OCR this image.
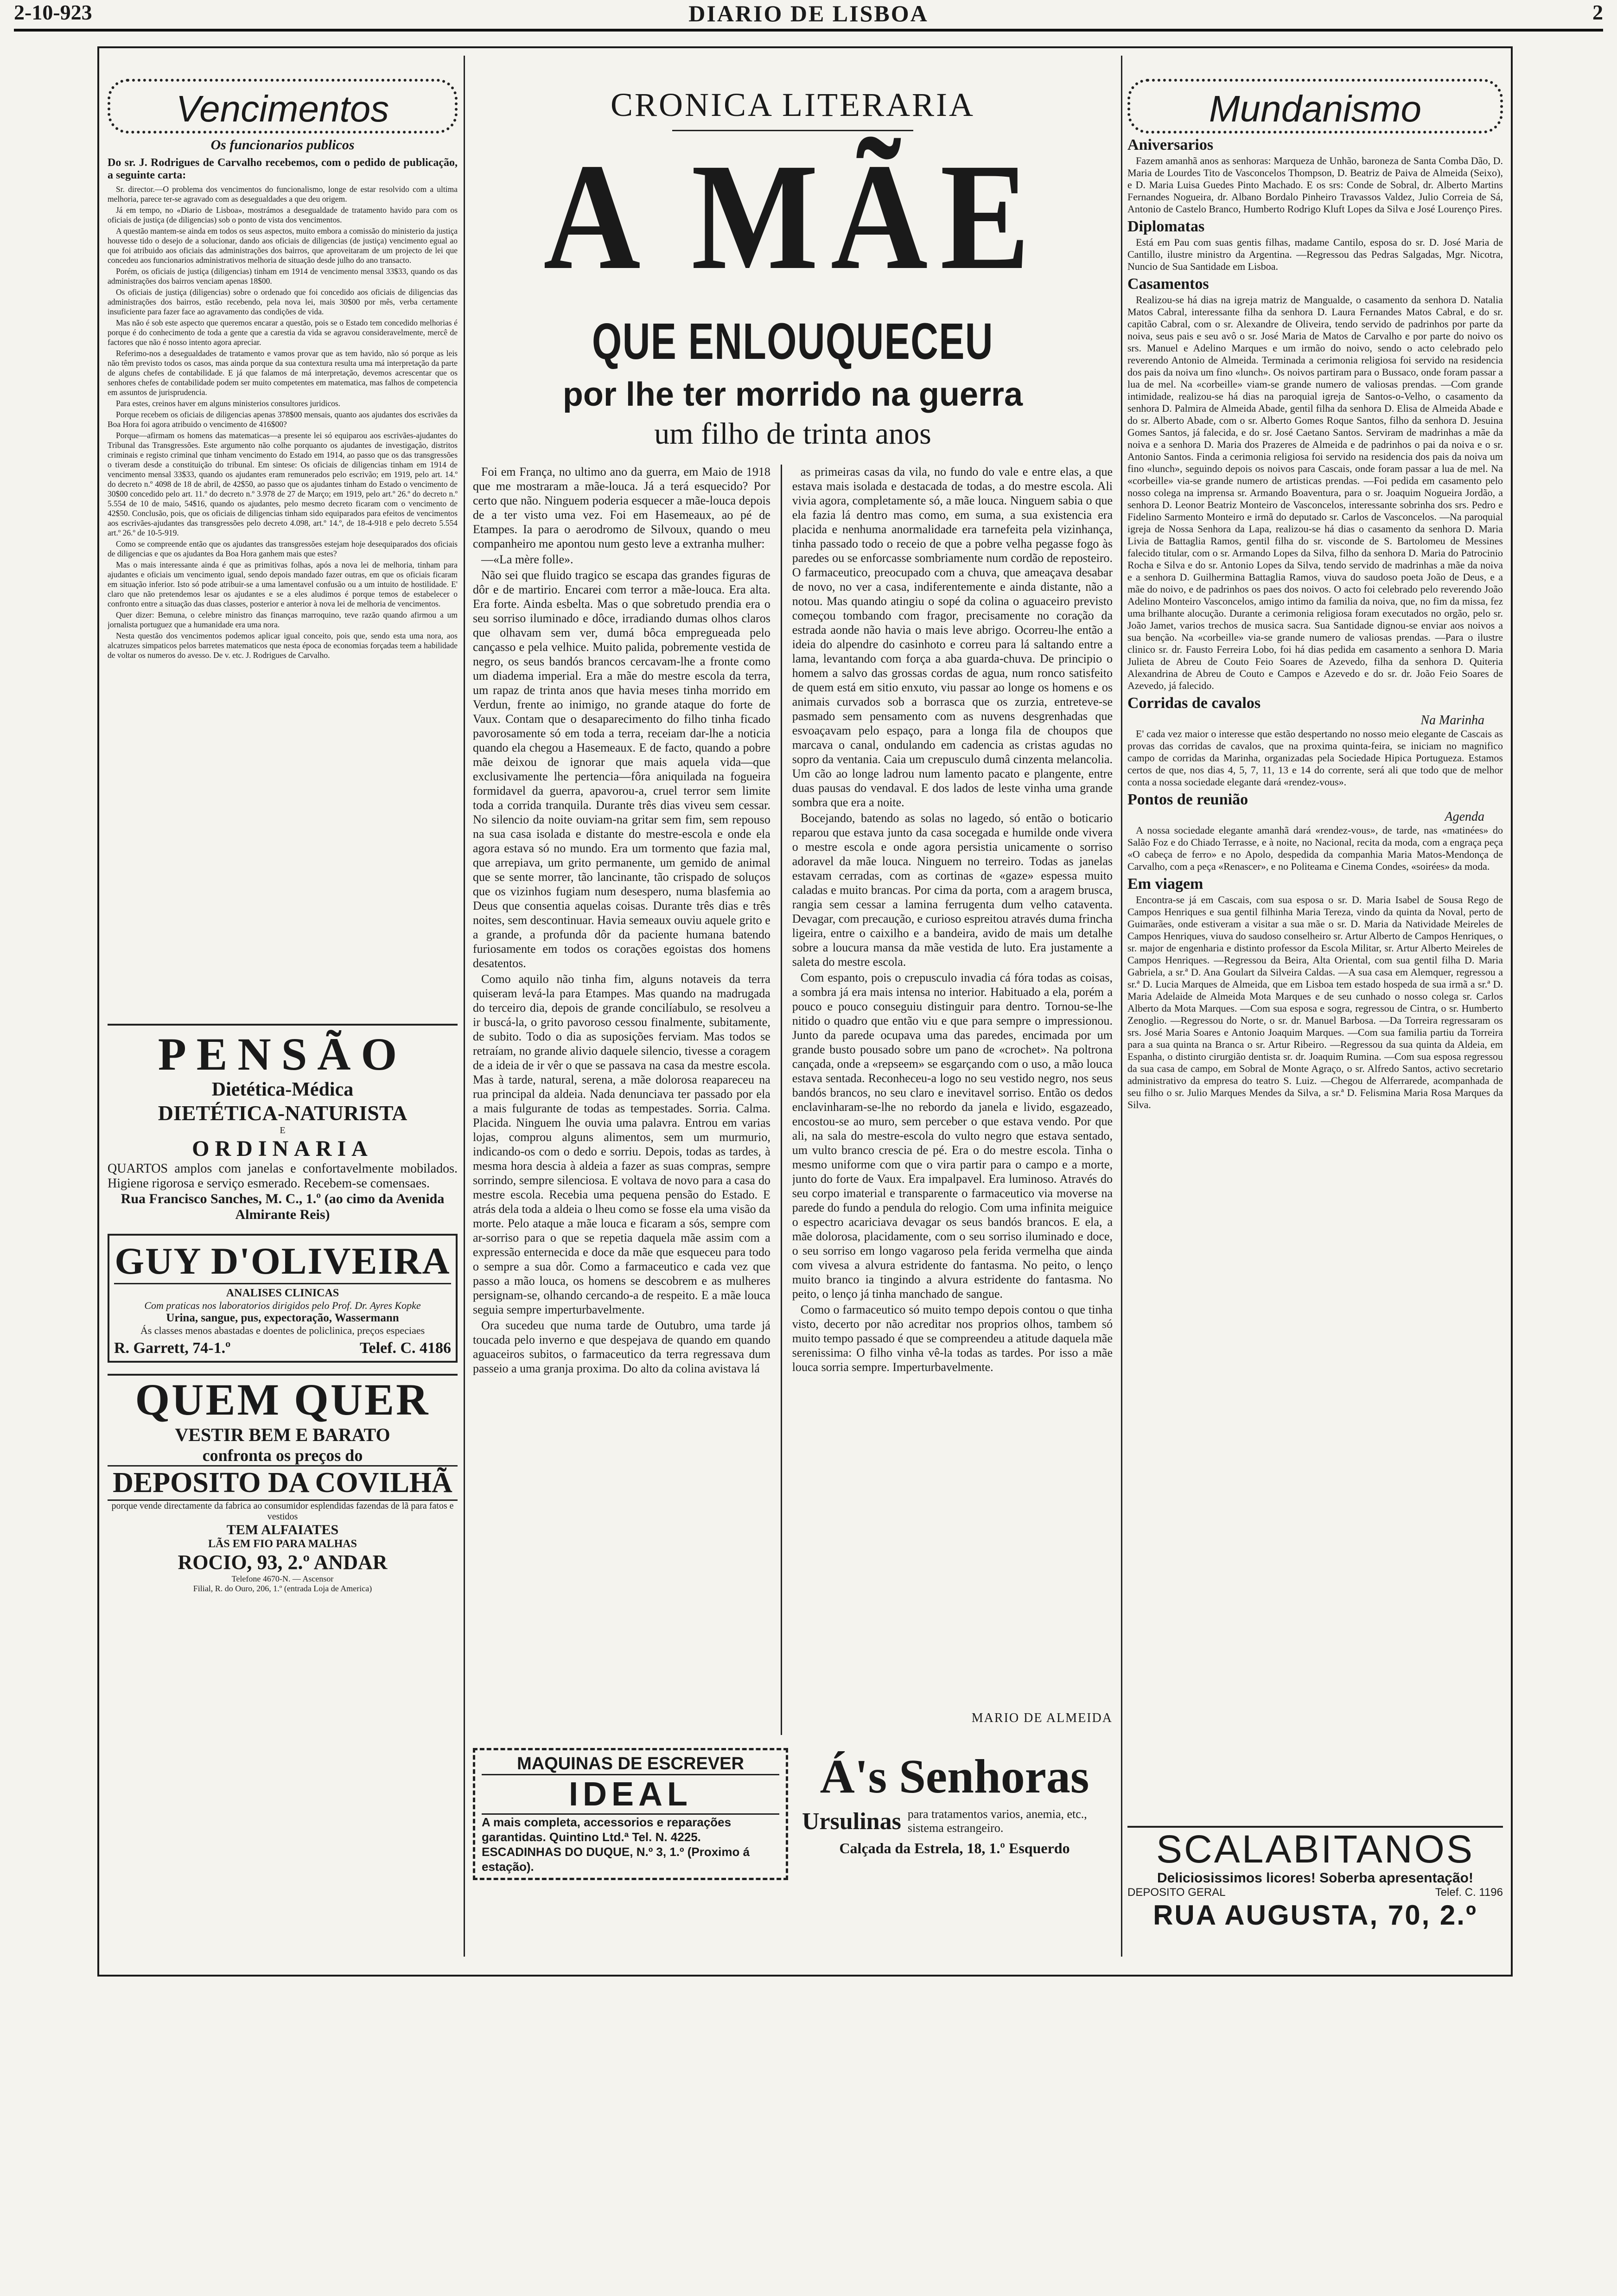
2-10-923	DIARIO DE LISBOA	2
Vencimentos
Os funcionarios publicos
Do sr. J. Rodrigues de Carvalho recebemos, com o pedido de publicação, a seguinte carta:

Sr. director.—O problema dos vencimentos do funcionalismo, longe de estar resolvido com a ultima melhoria, parece ter-se agravado com as desegualdades a que deu origem.

Já em tempo, no «Diario de Lisboa», mostrámos a desegualdade de tratamento havido para com os oficiais de justiça (de diligencias) sob o ponto de vista dos vencimentos.

A questão mantem-se ainda em todos os seus aspectos, muito embora a comissão do ministerio da justiça houvesse tido o desejo de a solucionar, dando aos oficiais de diligencias (de justiça) vencimento egual ao que foi atribuido aos oficiais das administrações dos bairros, que aproveitaram de um projecto de lei que concedeu aos funcionarios administrativos melhoria de situação desde julho do ano transacto.

Porém, os oficiais de justiça (diligencias) tinham em 1914 de vencimento mensal 33$33, quando os das administrações dos bairros venciam apenas 18$00.

Os oficiais de justiça (diligencias) sobre o ordenado que foi concedido aos oficiais de diligencias das administrações dos bairros, estão recebendo, pela nova lei, mais 30$00 por mês, verba certamente insuficiente para fazer face ao agravamento das condições de vida.

Mas não é sob este aspecto que queremos encarar a questão, pois se o Estado tem concedido melhorias é porque é do conhecimento de toda a gente que a carestia da vida se agravou consideravelmente, mercê de factores que não é nosso intento agora apreciar.

Referimo-nos a desegualdades de tratamento e vamos provar que as tem havido, não só porque as leis não têm previsto todos os casos, mas ainda porque da sua contextura resulta uma má interpretação da parte de alguns chefes de contabilidade. E já que falamos de má interpretação, devemos acrescentar que os senhores chefes de contabilidade podem ser muito competentes em matematica, mas falhos de competencia em assuntos de jurisprudencia.

Para estes, creinos haver em alguns ministerios consultores juridicos.

Porque recebem os oficiais de diligencias apenas 378$00 mensais, quanto aos ajudantes dos escrivães da Boa Hora foi agora atribuido o vencimento de 416$00?

Porque—afirmam os homens das matematicas—a presente lei só equiparou aos escrivães-ajudantes do Tribunal das Transgressões. Este argumento não colhe porquanto os ajudantes de investigação, distritos criminais e registo criminal que tinham vencimento do Estado em 1914, ao passo que os das transgressões o tiveram desde a constituição do tribunal. Em sintese: Os oficiais de diligencias tinham em 1914 de vencimento mensal 33$33, quando os ajudantes eram remunerados pelo escrivão; em 1919, pelo art. 14.º do decreto n.º 4098 de 18 de abril, de 42$50, ao passo que os ajudantes tinham do Estado o vencimento de 30$00 concedido pelo art. 11.º do decreto n.º 3.978 de 27 de Março; em 1919, pelo art.º 26.º do decreto n.º 5.554 de 10 de maio, 54$16, quando os ajudantes, pelo mesmo decreto ficaram com o vencimento de 42$50. Conclusão, pois, que os oficiais de diligencias tinham sido equiparados para efeitos de vencimentos aos escrivães-ajudantes das transgressões pelo decreto 4.098, art.º 14.º, de 18-4-918 e pelo decreto 5.554 art.º 26.º de 10-5-919.

Como se compreende então que os ajudantes das transgressões estejam hoje desequiparados dos oficiais de diligencias e que os ajudantes da Boa Hora ganhem mais que estes?

Mas o mais interessante ainda é que as primitivas folhas, após a nova lei de melhoria, tinham para ajudantes e oficiais um vencimento igual, sendo depois mandado fazer outras, em que os oficiais ficaram em situação inferior. Isto só pode atribuir-se a uma lamentavel confusão ou a um intuito de hostilidade. E' claro que não pretendemos lesar os ajudantes e se a eles aludimos é porque temos de estabelecer o confronto entre a situação das duas classes, posterior e anterior à nova lei de melhoria de vencimentos.

Quer dizer: Bemuna, o celebre ministro das finanças marroquino, teve razão quando afirmou a um jornalista portuguez que a humanidade era uma nora.

Nesta questão dos vencimentos podemos aplicar igual conceito, pois que, sendo esta uma nora, aos alcatruzes simpaticos pelos barretes matematicos que nesta época de economias forçadas teem a habilidade de voltar os numeros do avesso. De v. etc. J. Rodrigues de Carvalho.

PENSÃO
Dietética-Médica
DIETÉTICA-NATURISTA
E
ORDINARIA
QUARTOS amplos com janelas e confortavelmente mobilados. Higiene rigorosa e serviço esmerado. Recebem-se comensaes.
Rua Francisco Sanches, M. C., 1.º (ao cimo da Avenida Almirante Reis)
GUY D'OLIVEIRA
ANALISES CLINICAS
Com praticas nos laboratorios dirigidos pelo Prof. Dr. Ayres Kopke
Urina, sangue, pus, expectoração, Wassermann
Ás classes menos abastadas e doentes de policlinica, preços especiaes
R. Garrett, 74-1.º	Telef. C. 4186
QUEM QUER
VESTIR BEM E BARATO
confronta os preços do
DEPOSITO DA COVILHÃ
porque vende directamente da fabrica ao consumidor esplendidas fazendas de lã para fatos e vestidos
TEM ALFAIATES
LÃS EM FIO PARA MALHAS
ROCIO, 93, 2.º ANDAR
Telefone 4670-N. — Ascensor
Filial, R. do Ouro, 206, 1.º (entrada Loja de America)
CRONICA LITERARIA
A MÃE
QUE ENLOUQUECEU
por lhe ter morrido na guerra
um filho de trinta anos

Foi em França, no ultimo ano da guerra, em Maio de 1918 que me mostraram a mãe-louca. Já a terá esquecido? Por certo que não. Ninguem poderia esquecer a mãe-louca depois de a ter visto uma vez. Foi em Hasemeaux, ao pé de Etampes. Ia para o aerodromo de Silvoux, quando o meu companheiro me apontou num gesto leve a extranha mulher:

—«La mère folle».

Não sei que fluido tragico se escapa das grandes figuras de dôr e de martirio. Encarei com terror a mãe-louca. Era alta. Era forte. Ainda esbelta. Mas o que sobretudo prendia era o seu sorriso iluminado e dôce, irradiando dumas olhos claros que olhavam sem ver, dumá bôca empregueada pelo cançasso e pela velhice. Muito palida, pobremente vestida de negro, os seus bandós brancos cercavam-lhe a fronte como um diadema imperial. Era a mãe do mestre escola da terra, um rapaz de trinta anos que havia meses tinha morrido em Verdun, frente ao inimigo, no grande ataque do forte de Vaux. Contam que o desaparecimento do filho tinha ficado pavorosamente só em toda a terra, receiam dar-lhe a noticia quando ela chegou a Hasemeaux. E de facto, quando a pobre mãe deixou de ignorar que mais aquela vida—que exclusivamente lhe pertencia—fôra aniquilada na fogueira formidavel da guerra, apavorou-a, cruel terror sem limite toda a corrida tranquila. Durante três dias viveu sem cessar. No silencio da noite ouviam-na gritar sem fim, sem repouso na sua casa isolada e distante do mestre-escola e onde ela agora estava só no mundo. Era um tormento que fazia mal, que arrepiava, um grito permanente, um gemido de animal que se sente morrer, tão lancinante, tão crispado de soluços que os vizinhos fugiam num desespero, numa blasfemia ao Deus que consentia aquelas coisas. Durante três dias e três noites, sem descontinuar. Havia semeaux ouviu aquele grito e a grande, a profunda dôr da paciente humana batendo furiosamente em todos os corações egoistas dos homens desatentos.

Como aquilo não tinha fim, alguns notaveis da terra quiseram levá-la para Etampes. Mas quando na madrugada do terceiro dia, depois de grande concilíabulo, se resolveu a ir buscá-la, o grito pavoroso cessou finalmente, subitamente, de subito. Todo o dia as suposições ferviam. Mas todos se retraíam, no grande alivio daquele silencio, tivesse a coragem de a ideia de ir vêr o que se passava na casa da mestre escola. Mas à tarde, natural, serena, a mãe dolorosa reapareceu na rua principal da aldeia. Nada denunciava ter passado por ela a mais fulgurante de todas as tempestades. Sorria. Calma. Placida. Ninguem lhe ouvia uma palavra. Entrou em varias lojas, comprou alguns alimentos, sem um murmurio, indicando-os com o dedo e sorriu. Depois, todas as tardes, à mesma hora descia à aldeia a fazer as suas compras, sempre sorrindo, sempre silenciosa. E voltava de novo para a casa do mestre escola. Recebia uma pequena pensão do Estado. E atrás dela toda a aldeia o lheu como se fosse ela uma visão da morte. Pelo ataque a mãe louca e ficaram a sós, sempre com ar-sorriso para o que se repetia daquela mãe assim com a expressão enternecida e doce da mãe que esqueceu para todo o sempre a sua dôr. Como a farmaceutico e cada vez que passo a mão louca, os homens se descobrem e as mulheres persignam-se, olhando cercando-a de respeito. E a mãe louca seguia sempre imperturbavelmente.

Ora sucedeu que numa tarde de Outubro, uma tarde já toucada pelo inverno e que despejava de quando em quando aguaceiros subitos, o farmaceutico da terra regressava dum passeio a uma granja proxima. Do alto da colina avistava lá

as primeiras casas da vila, no fundo do vale e entre elas, a que estava mais isolada e destacada de todas, a do mestre escola. Ali vivia agora, completamente só, a mãe louca. Ninguem sabia o que ela fazia lá dentro mas como, em suma, a sua existencia era placida e nenhuma anormalidade era tarnefeita pela vizinhança, tinha passado todo o receio de que a pobre velha pegasse fogo às paredes ou se enforcasse sombriamente num cordão de reposteiro. O farmaceutico, preocupado com a chuva, que ameaçava desabar de novo, no ver a casa, indiferentemente e ainda distante, não a notou. Mas quando atingiu o sopé da colina o aguaceiro previsto começou tombando com fragor, precisamente no coração da estrada aonde não havia o mais leve abrigo. Ocorreu-lhe então a ideia do alpendre do casinhoto e correu para lá saltando entre a lama, levantando com força a aba guarda-chuva. De principio o homem a salvo das grossas cordas de agua, num ronco satisfeito de quem está em sitio enxuto, viu passar ao longe os homens e os animais curvados sob a borrasca que os zurzia, entreteve-se pasmado sem pensamento com as nuvens desgrenhadas que esvoaçavam pelo espaço, para a longa fila de choupos que marcava o canal, ondulando em cadencia as cristas agudas no sopro da ventania. Caia um crepusculo dumâ cinzenta melancolia. Um cão ao longe ladrou num lamento pacato e plangente, entre duas pausas do vendaval. E dos lados de leste vinha uma grande sombra que era a noite.

Bocejando, batendo as solas no lagedo, só então o boticario reparou que estava junto da casa socegada e humilde onde vivera o mestre escola e onde agora persistia unicamente o sorriso adoravel da mãe louca. Ninguem no terreiro. Todas as janelas estavam cerradas, com as cortinas de «gaze» espessa muito caladas e muito brancas. Por cima da porta, com a aragem brusca, rangia sem cessar a lamina ferrugenta dum velho cataventa. Devagar, com precaução, e curioso espreitou através duma frincha ligeira, entre o caixilho e a bandeira, avido de mais um detalhe sobre a loucura mansa da mãe vestida de luto. Era justamente a saleta do mestre escola.

Com espanto, pois o crepusculo invadia cá fóra todas as coisas, a sombra já era mais intensa no interior. Habituado a ela, porém a pouco e pouco conseguiu distinguir para dentro. Tornou-se-lhe nitido o quadro que então viu e que para sempre o impressionou. Junto da parede ocupava uma das paredes, encimada por um grande busto pousado sobre um pano de «crochet». Na poltrona cançada, onde a «repseem» se esgarçando com o uso, a mão louca estava sentada. Reconheceu-a logo no seu vestido negro, nos seus bandós brancos, no seu claro e inevitavel sorriso. Então os dedos enclavinharam-se-lhe no rebordo da janela e livido, esgazeado, encostou-se ao muro, sem perceber o que estava vendo. Por que ali, na sala do mestre-escola do vulto negro que estava sentado, um vulto branco crescia de pé. Era o do mestre escola. Tinha o mesmo uniforme com que o vira partir para o campo e a morte, junto do forte de Vaux. Era impalpavel. Era luminoso. Através do seu corpo imaterial e transparente o farmaceutico via moverse na parede do fundo a pendula do relogio. Com uma infinita meiguice o espectro acariciava devagar os seus bandós brancos. E ela, a mãe dolorosa, placidamente, com o seu sorriso iluminado e doce, o seu sorriso em longo vagaroso pela ferida vermelha que ainda com vivesa a alvura estridente do fantasma. No peito, o lenço muito branco ia tingindo a alvura estridente do fantasma. No peito, o lenço já tinha manchado de sangue.

Como o farmaceutico só muito tempo depois contou o que tinha visto, decerto por não acreditar nos proprios olhos, tambem só muito tempo passado é que se compreendeu a atitude daquela mãe serenissima: O filho vinha vê-la todas as tardes. Por isso a mãe louca sorria sempre. Imperturbavelmente.

MARIO DE ALMEIDA
MAQUINAS DE ESCREVER
IDEAL
A mais completa, accessorios e reparações garantidas. Quintino Ltd.ª Tel. N. 4225. ESCADINHAS DO DUQUE, N.º 3, 1.º (Proximo á estação).
Á's Senhoras
Ursulinas para tratamentos varios, anemia, etc., sistema estrangeiro.
Calçada da Estrela, 18, 1.º Esquerdo
Mundanismo
Aniversarios
Fazem amanhã anos as senhoras: Marqueza de Unhão, baroneza de Santa Comba Dão, D. Maria de Lourdes Tito de Vasconcelos Thompson, D. Beatriz de Paiva de Almeida (Seixo), e D. Maria Luisa Guedes Pinto Machado. E os srs: Conde de Sobral, dr. Alberto Martins Fernandes Nogueira, dr. Albano Bordalo Pinheiro Travassos Valdez, Julio Correia de Sá, Antonio de Castelo Branco, Humberto Rodrigo Kluft Lopes da Silva e José Lourenço Pires.
Diplomatas
Está em Pau com suas gentis filhas, madame Cantilo, esposa do sr. D. José Maria de Cantillo, ilustre ministro da Argentina. —Regressou das Pedras Salgadas, Mgr. Nicotra, Nuncio de Sua Santidade em Lisboa.
Casamentos
Realizou-se há dias na igreja matriz de Mangualde, o casamento da senhora D. Natalia Matos Cabral, interessante filha da senhora D. Laura Fernandes Matos Cabral, e do sr. capitão Cabral, com o sr. Alexandre de Oliveira, tendo servido de padrinhos por parte da noiva, seus pais e seu avô o sr. José Maria de Matos de Carvalho e por parte do noivo os srs. Manuel e Adelino Marques e um irmão do noivo, sendo o acto celebrado pelo reverendo Antonio de Almeida. Terminada a cerimonia religiosa foi servido na residencia dos pais da noiva um fino «lunch». Os noivos partiram para o Bussaco, onde foram passar a lua de mel. Na «corbeille» viam-se grande numero de valiosas prendas. —Com grande intimidade, realizou-se há dias na paroquial igreja de Santos-o-Velho, o casamento da senhora D. Palmira de Almeida Abade, gentil filha da senhora D. Elisa de Almeida Abade e do sr. Alberto Abade, com o sr. Alberto Gomes Roque Santos, filho da senhora D. Jesuina Gomes Santos, já falecida, e do sr. José Caetano Santos. Serviram de madrinhas a mãe da noiva e a senhora D. Maria dos Prazeres de Almeida e de padrinhos o pai da noiva e o sr. Antonio Santos. Finda a cerimonia religiosa foi servido na residencia dos pais da noiva um fino «lunch», seguindo depois os noivos para Cascais, onde foram passar a lua de mel. Na «corbeille» via-se grande numero de artisticas prendas. —Foi pedida em casamento pelo nosso colega na imprensa sr. Armando Boaventura, para o sr. Joaquim Nogueira Jordão, a senhora D. Leonor Beatriz Monteiro de Vasconcelos, interessante sobrinha dos srs. Pedro e Fidelino Sarmento Monteiro e irmã do deputado sr. Carlos de Vasconcelos. —Na paroquial igreja de Nossa Senhora da Lapa, realizou-se há dias o casamento da senhora D. Maria Livia de Battaglia Ramos, gentil filha do sr. visconde de S. Bartolomeu de Messines falecido titular, com o sr. Armando Lopes da Silva, filho da senhora D. Maria do Patrocinio Rocha e Silva e do sr. Antonio Lopes da Silva, tendo servido de madrinhas a mãe da noiva e a senhora D. Guilhermina Battaglia Ramos, viuva do saudoso poeta João de Deus, e a mãe do noivo, e de padrinhos os paes dos noivos. O acto foi celebrado pelo reverendo João Adelino Monteiro Vasconcelos, amigo intimo da familia da noiva, que, no fim da missa, fez uma brilhante alocução. Durante a cerimonia religiosa foram executados no orgão, pelo sr. João Jamet, varios trechos de musica sacra. Sua Santidade dignou-se enviar aos noivos a sua benção. Na «corbeille» via-se grande numero de valiosas prendas. —Para o ilustre clinico sr. dr. Fausto Ferreira Lobo, foi há dias pedida em casamento a senhora D. Maria Julieta de Abreu de Couto Feio Soares de Azevedo, filha da senhora D. Quiteria Alexandrina de Abreu de Couto e Campos e Azevedo e do sr. dr. João Feio Soares de Azevedo, já falecido.
Corridas de cavalos
Na Marinha
E' cada vez maior o interesse que estão despertando no nosso meio elegante de Cascais as provas das corridas de cavalos, que na proxima quinta-feira, se iniciam no magnifico campo de corridas da Marinha, organizadas pela Sociedade Hipica Portugueza. Estamos certos de que, nos dias 4, 5, 7, 11, 13 e 14 do corrente, será ali que todo que de melhor conta a nossa sociedade elegante dará «rendez-vous».
Pontos de reunião
Agenda
A nossa sociedade elegante amanhã dará «rendez-vous», de tarde, nas «matinées» do Salão Foz e do Chiado Terrasse, e à noite, no Nacional, recita da moda, com a engraça peça «O cabeça de ferro» e no Apolo, despedida da companhia Maria Matos-Mendonça de Carvalho, com a peça «Renascer», e no Politeama e Cinema Condes, «soirées» da moda.
Em viagem
Encontra-se já em Cascais, com sua esposa o sr. D. Maria Isabel de Sousa Rego de Campos Henriques e sua gentil filhinha Maria Tereza, vindo da quinta da Noval, perto de Guimarães, onde estiveram a visitar a sua mãe o sr. D. Maria da Natividade Meireles de Campos Henriques, viuva do saudoso conselheiro sr. Artur Alberto de Campos Henriques, o sr. major de engenharia e distinto professor da Escola Militar, sr. Artur Alberto Meireles de Campos Henriques. —Regressou da Beira, Alta Oriental, com sua gentil filha D. Maria Gabriela, a sr.ª D. Ana Goulart da Silveira Caldas. —A sua casa em Alemquer, regressou a sr.ª D. Lucia Marques de Almeida, que em Lisboa tem estado hospeda de sua irmã a sr.ª D. Maria Adelaide de Almeida Mota Marques e de seu cunhado o nosso colega sr. Carlos Alberto da Mota Marques. —Com sua esposa e sogra, regressou de Cintra, o sr. Humberto Zenoglio. —Regressou do Norte, o sr. dr. Manuel Barbosa. —Da Torreira regressaram os srs. José Maria Soares e Antonio Joaquim Marques. —Com sua familia partiu da Torreira para a sua quinta na Branca o sr. Artur Ribeiro. —Regressou da sua quinta da Aldeia, em Espanha, o distinto cirurgião dentista sr. dr. Joaquim Rumina. —Com sua esposa regressou da sua casa de campo, em Sobral de Monte Agraço, o sr. Alfredo Santos, activo secretario administrativo da empresa do teatro S. Luiz. —Chegou de Alferrarede, acompanhada de seu filho o sr. Julio Marques Mendes da Silva, a sr.ª D. Felismina Maria Rosa Marques da Silva.
SCALABITANOS
Deliciosissimos licores! Soberba apresentação!
DEPOSITO GERAL	Telef. C. 1196
RUA AUGUSTA, 70, 2.º
